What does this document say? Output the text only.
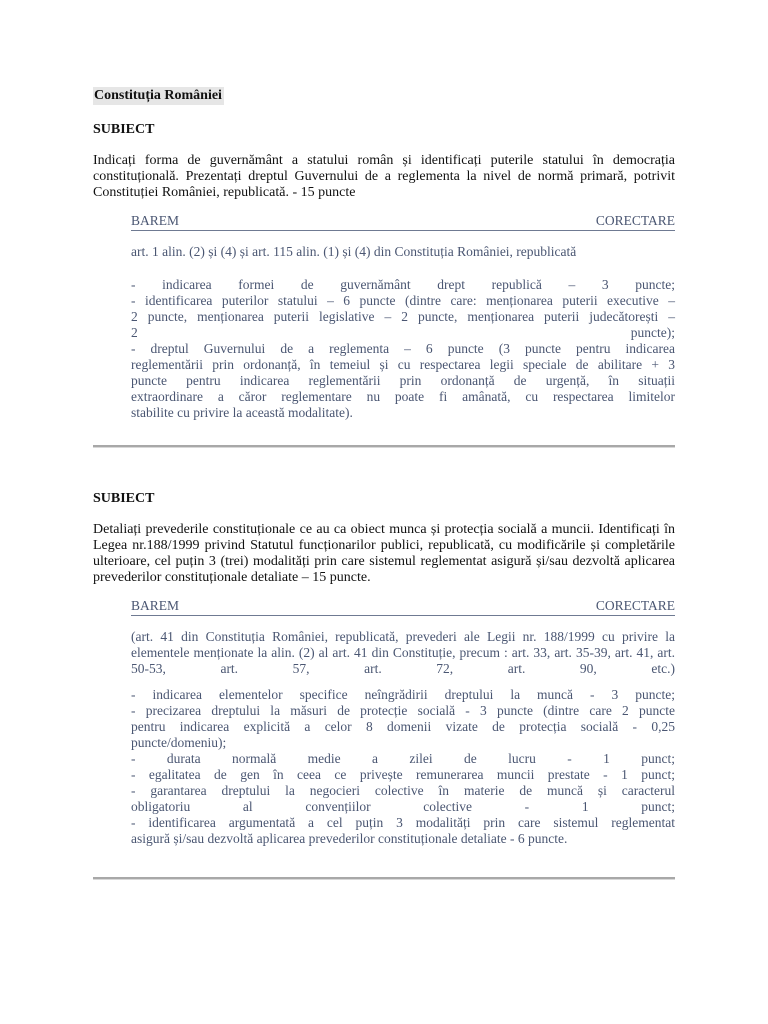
Constituția României

SUBIECT

Indicați forma de guvernământ a statului român și identificați puterile statului în democrația constituțională. Prezentați dreptul Guvernului de a reglementa la nivel de normă primară, potrivit Constituției României, republicată. - 15 puncte

BAREM	CORECTARE

art. 1 alin. (2) și (4) și art. 115 alin. (1) și (4) din Constituția României, republicată

- indicarea formei de guvernământ drept republică – 3 puncte;

- identificarea puterilor statului – 6 puncte (dintre care: menționarea puterii executive –

2 puncte, menționarea puterii legislative – 2 puncte, menționarea puterii judecătorești –

2 puncte);

- dreptul Guvernului de a reglementa – 6 puncte (3 puncte pentru indicarea

reglementării prin ordonanță, în temeiul și cu respectarea legii speciale de abilitare + 3

puncte pentru indicarea reglementării prin ordonanță de urgență, în situații

extraordinare a căror reglementare nu poate fi amânată, cu respectarea limitelor

stabilite cu privire la această modalitate).

SUBIECT

Detaliați prevederile constituționale ce au ca obiect munca și protecția socială a muncii. Identificați în Legea nr.188/1999 privind Statutul funcționarilor publici, republicată, cu modificările și completările ulterioare, cel puțin 3 (trei) modalități prin care sistemul reglementat asigură și/sau dezvoltă aplicarea prevederilor constituționale detaliate – 15 puncte.

BAREM	CORECTARE

(art. 41 din Constituția României, republicată, prevederi ale Legii nr. 188/1999 cu privire la elementele menționate la alin. (2) al art. 41 din Constituție, precum : art. 33, art. 35-39, art. 41, art. 50-53, art. 57, art. 72, art. 90, etc.)

- indicarea elementelor specifice neîngrădirii dreptului la muncă - 3 puncte;

- precizarea dreptului la măsuri de protecție socială - 3 puncte (dintre care 2 puncte

pentru indicarea explicită a celor 8 domenii vizate de protecția socială - 0,25

puncte/domeniu);

- durata normală medie a zilei de lucru - 1 punct;

- egalitatea de gen în ceea ce privește remunerarea muncii prestate - 1 punct;

- garantarea dreptului la negocieri colective în materie de muncă și caracterul

obligatoriu al convențiilor colective - 1 punct;

- identificarea argumentată a cel puțin 3 modalități prin care sistemul reglementat

asigură și/sau dezvoltă aplicarea prevederilor constituționale detaliate - 6 puncte.
